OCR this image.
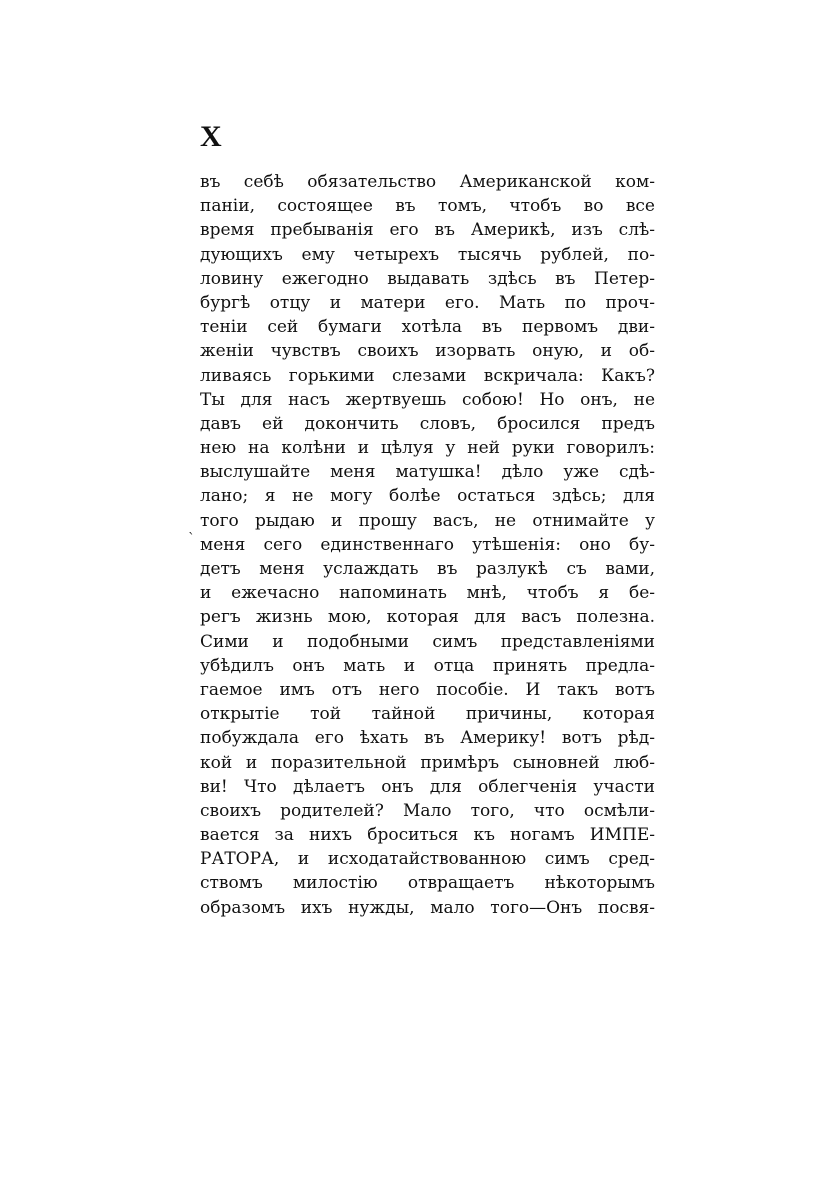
X
`
въ себѣ обязательство Американской ком-
паніи, состоящее въ томъ, чтобъ во все
время пребыванія его въ Америкѣ, изъ слѣ-
дующихъ ему четырехъ тысячь рублей, по-
ловину ежегодно выдавать здѣсь въ Петер-
бургѣ отцу и матери его. Мать по проч-
теніи сей бумаги хотѣла въ первомъ дви-
женіи чувствъ своихъ изорвать оную, и об-
ливаясь горькими слезами вскричала: Какъ?
Ты для насъ жертвуешь собою! Но онъ, не
давъ ей докончить словъ, бросился предъ
нею на колѣни и цѣлуя у ней руки говорилъ:
выслушайте меня матушка! дѣло уже сдѣ-
лано; я не могу болѣе остаться здѣсь; для
того рыдаю и прошу васъ, не отнимайте у
меня сего единственнаго утѣшенія: оно бу-
детъ меня услаждать въ разлукѣ съ вами,
и ежечасно напоминать мнѣ, чтобъ я бе-
регъ жизнь мою, которая для васъ полезна.
Сими и подобными симъ представленіями
убѣдилъ онъ мать и отца принять предла-
гаемое имъ отъ него пособіе. И такъ вотъ
открытіе той тайной причины, которая
побуждала его ѣхать въ Америку! вотъ рѣд-
кой и поразительной примѣръ сыновней люб-
ви! Что дѣлаетъ онъ для облегченія участи
своихъ родителей? Мало того, что осмѣли-
вается за нихъ броситься къ ногамъ ИМПЕ-
РАТОРА, и исходатайствованною симъ сред-
ствомъ милостію отвращаетъ нѣкоторымъ
образомъ ихъ нужды, мало того—Онъ посвя-
